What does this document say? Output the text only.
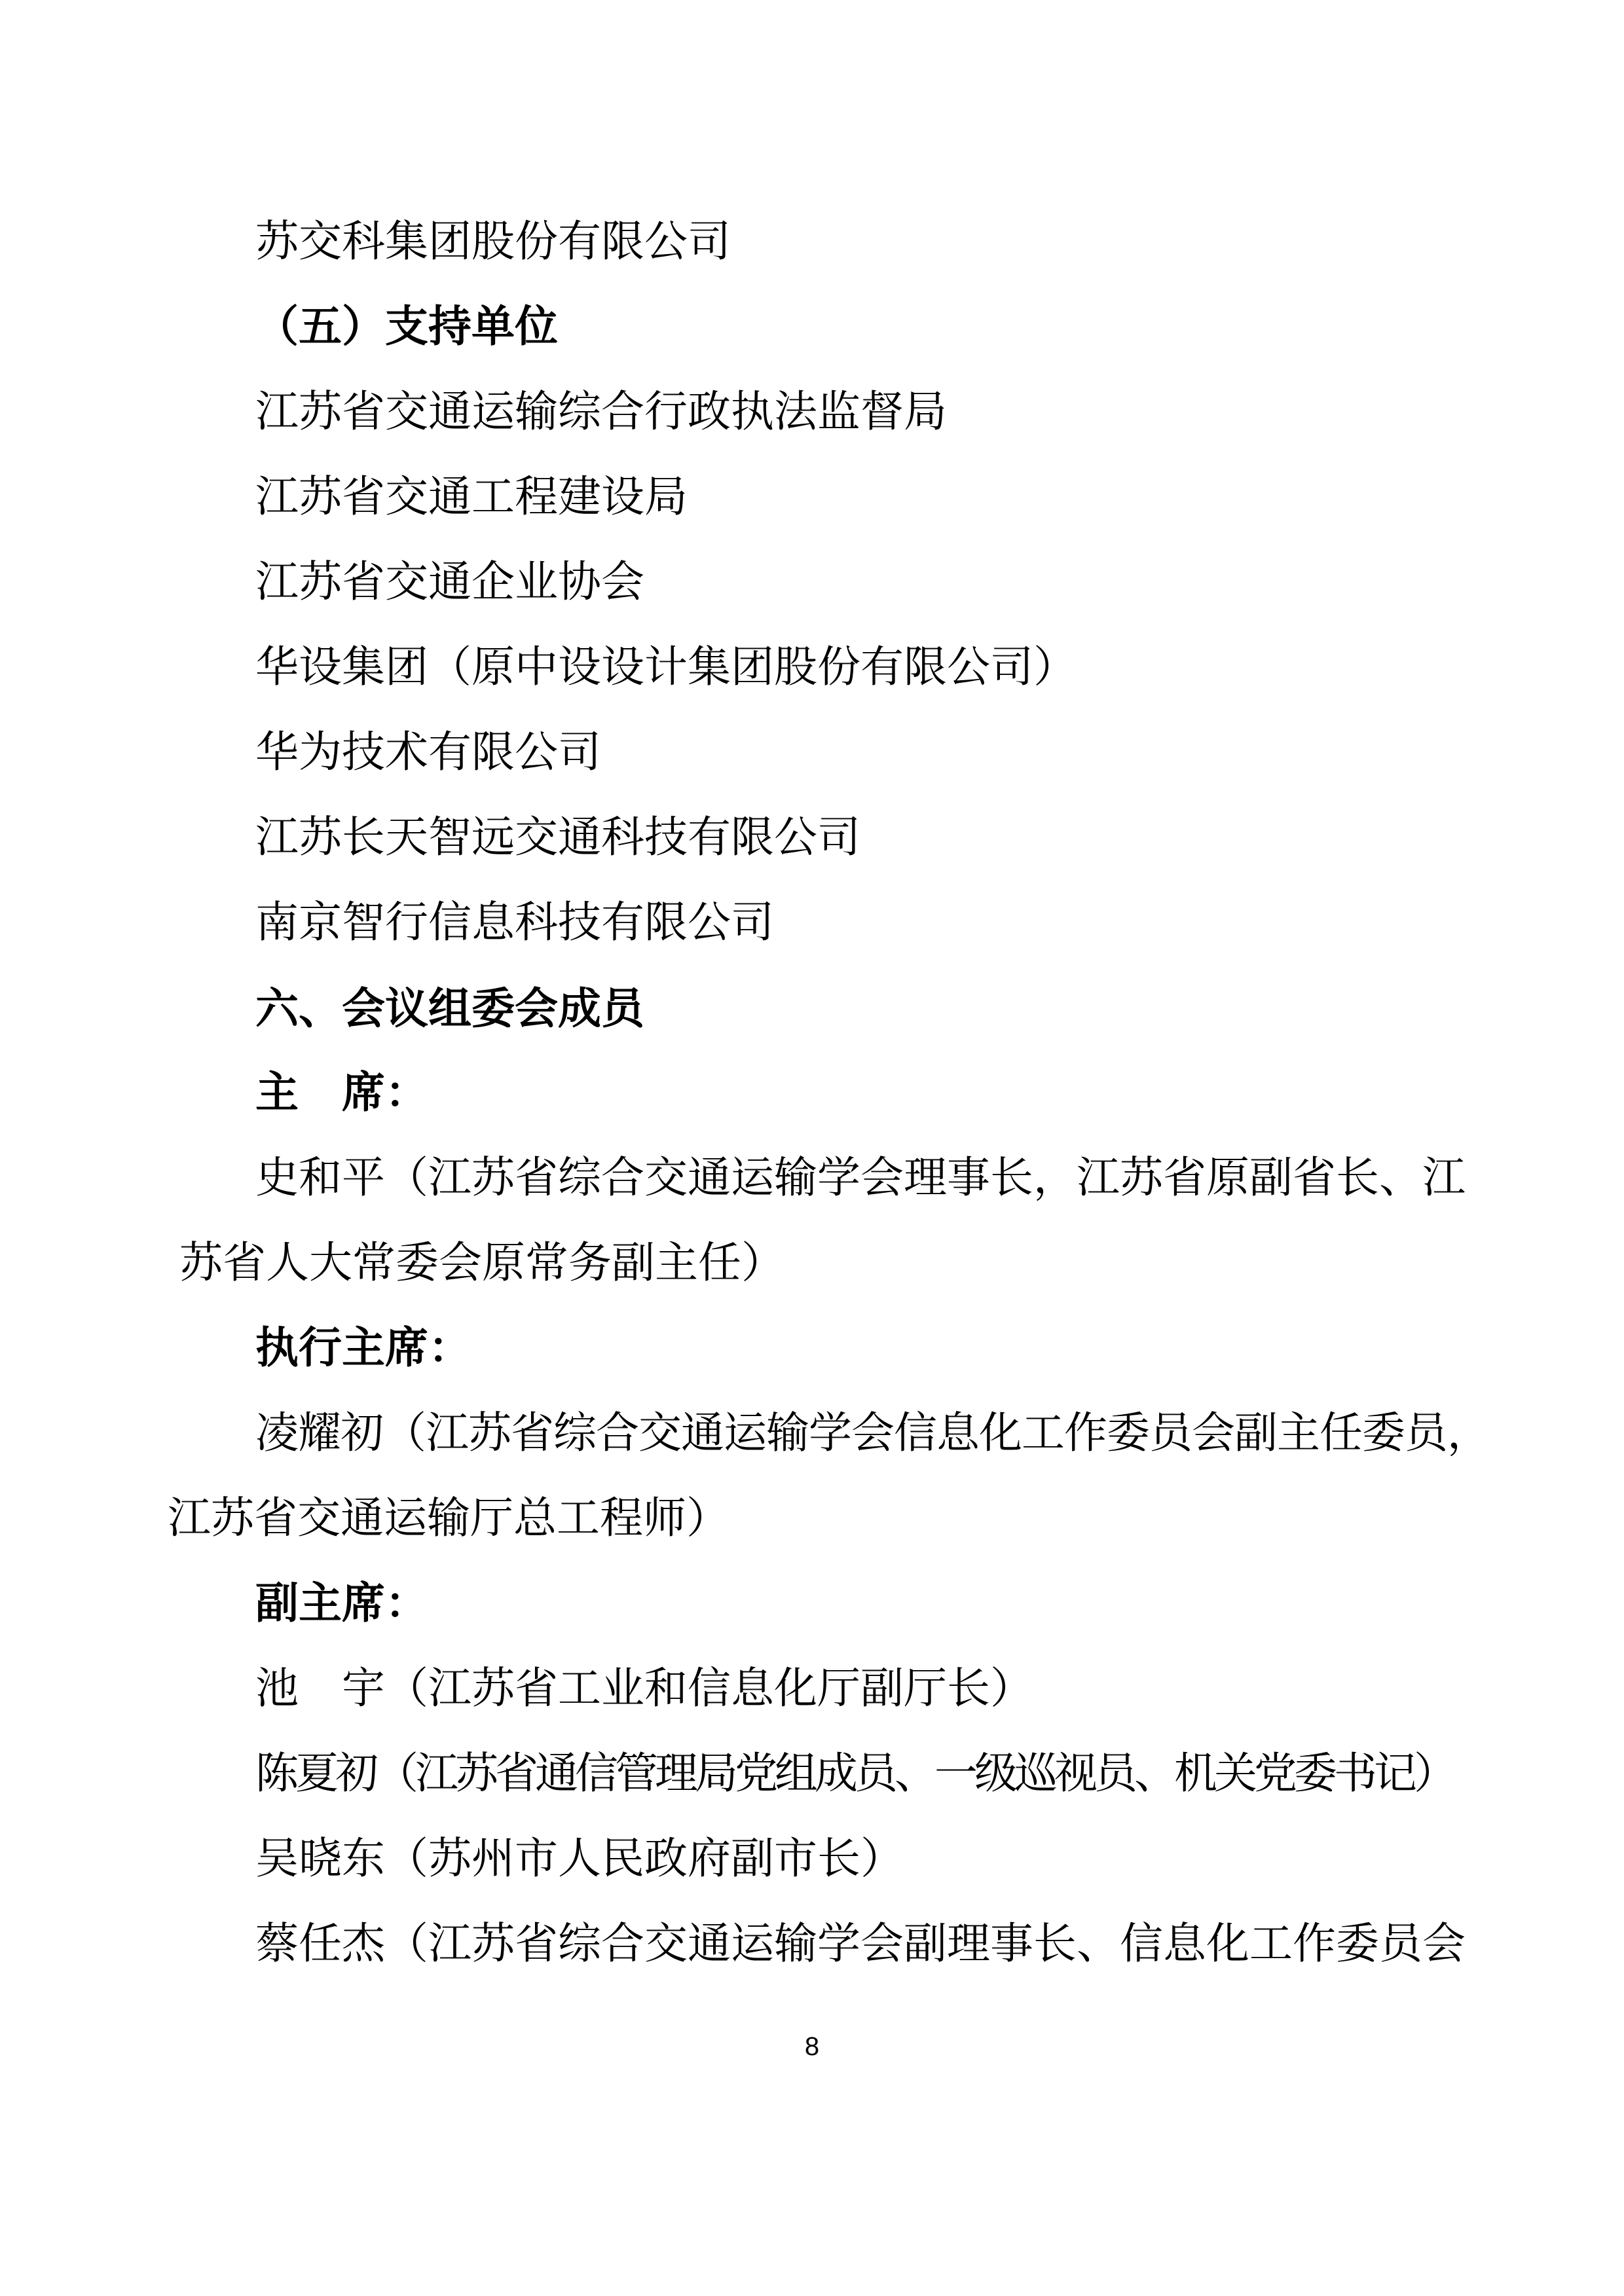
苏交科集团股份有限公司
（五）支持单位
江苏省交通运输综合行政执法监督局
江苏省交通工程建设局
江苏省交通企业协会
华设集团（原中设设计集团股份有限公司）
华为技术有限公司
江苏长天智远交通科技有限公司
南京智行信息科技有限公司
六、会议组委会成员
主　席：
史和平（江苏省综合交通运输学会理事长，江苏省原副省长、江
苏省人大常委会原常务副主任）
执行主席：
凌耀初（江苏省综合交通运输学会信息化工作委员会副主任委员，
江苏省交通运输厅总工程师）
副主席：
池　宇（江苏省工业和信息化厅副厅长）
陈夏初（江苏省通信管理局党组成员、一级巡视员、机关党委书记）
吴晓东（苏州市人民政府副市长）
蔡任杰（江苏省综合交通运输学会副理事长、信息化工作委员会
8
